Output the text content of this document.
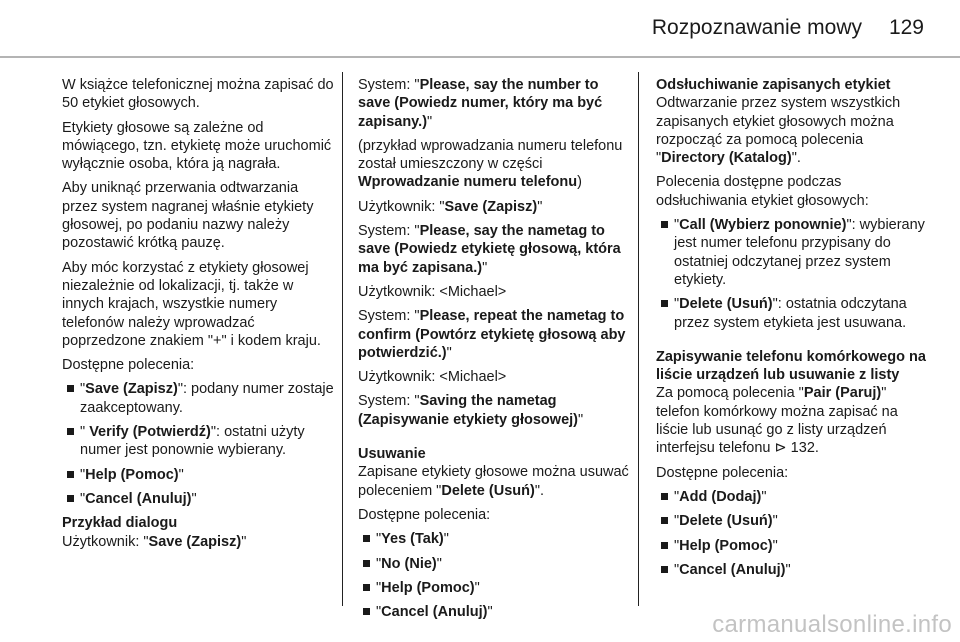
Rozpoznawanie mowy	129

W książce telefonicznej można zapisać do 50 etykiet głosowych.

Etykiety głosowe są zależne od mówiącego, tzn. etykietę może uruchomić wyłącznie osoba, która ją nagrała.

Aby uniknąć przerwania odtwarzania przez system nagranej właśnie etykiety głosowej, po podaniu nazwy należy pozostawić krótką pauzę.

Aby móc korzystać z etykiety głosowej niezależnie od lokalizacji, tj. także w innych krajach, wszystkie numery telefonów należy wprowadzać poprzedzone znakiem "+" i kodem kraju.

Dostępne polecenia:

"Save (Zapisz)": podany numer zostaje zaakceptowany.
" Verify (Potwierdź)": ostatni użyty numer jest ponownie wybierany.
"Help (Pomoc)"
"Cancel (Anuluj)"

Przykład dialogu

Użytkownik: "Save (Zapisz)"

System: "Please, say the number to save (Powiedz numer, który ma być zapisany.)"

(przykład wprowadzania numeru telefonu został umieszczony w części Wprowadzanie numeru telefonu)

Użytkownik: "Save (Zapisz)"

System: "Please, say the nametag to save (Powiedz etykietę głosową, która ma być zapisana.)"

Użytkownik: <Michael>

System: "Please, repeat the nametag to confirm (Powtórz etykietę głosową aby potwierdzić.)"

Użytkownik: <Michael>

System: "Saving the nametag (Zapisywanie etykiety głosowej)"

Usuwanie

Zapisane etykiety głosowe można usuwać poleceniem "Delete (Usuń)".

Dostępne polecenia:

"Yes (Tak)"
"No (Nie)"
"Help (Pomoc)"
"Cancel (Anuluj)"

Odsłuchiwanie zapisanych etykiet

Odtwarzanie przez system wszystkich zapisanych etykiet głosowych można rozpocząć za pomocą polecenia "Directory (Katalog)".

Polecenia dostępne podczas odsłuchiwania etykiet głosowych:

"Call (Wybierz ponownie)": wybierany jest numer telefonu przypisany do ostatniej odczytanej przez system etykiety.
"Delete (Usuń)": ostatnia odczytana przez system etykieta jest usuwana.

Zapisywanie telefonu komórkowego na liście urządzeń lub usuwanie z listy

Za pomocą polecenia "Pair (Paruj)" telefon komórkowy można zapisać na liście lub usunąć go z listy urządzeń interfejsu telefonu ⊳ 132.

Dostępne polecenia:

"Add (Dodaj)"
"Delete (Usuń)"
"Help (Pomoc)"
"Cancel (Anuluj)"
carmanualsonline.info
